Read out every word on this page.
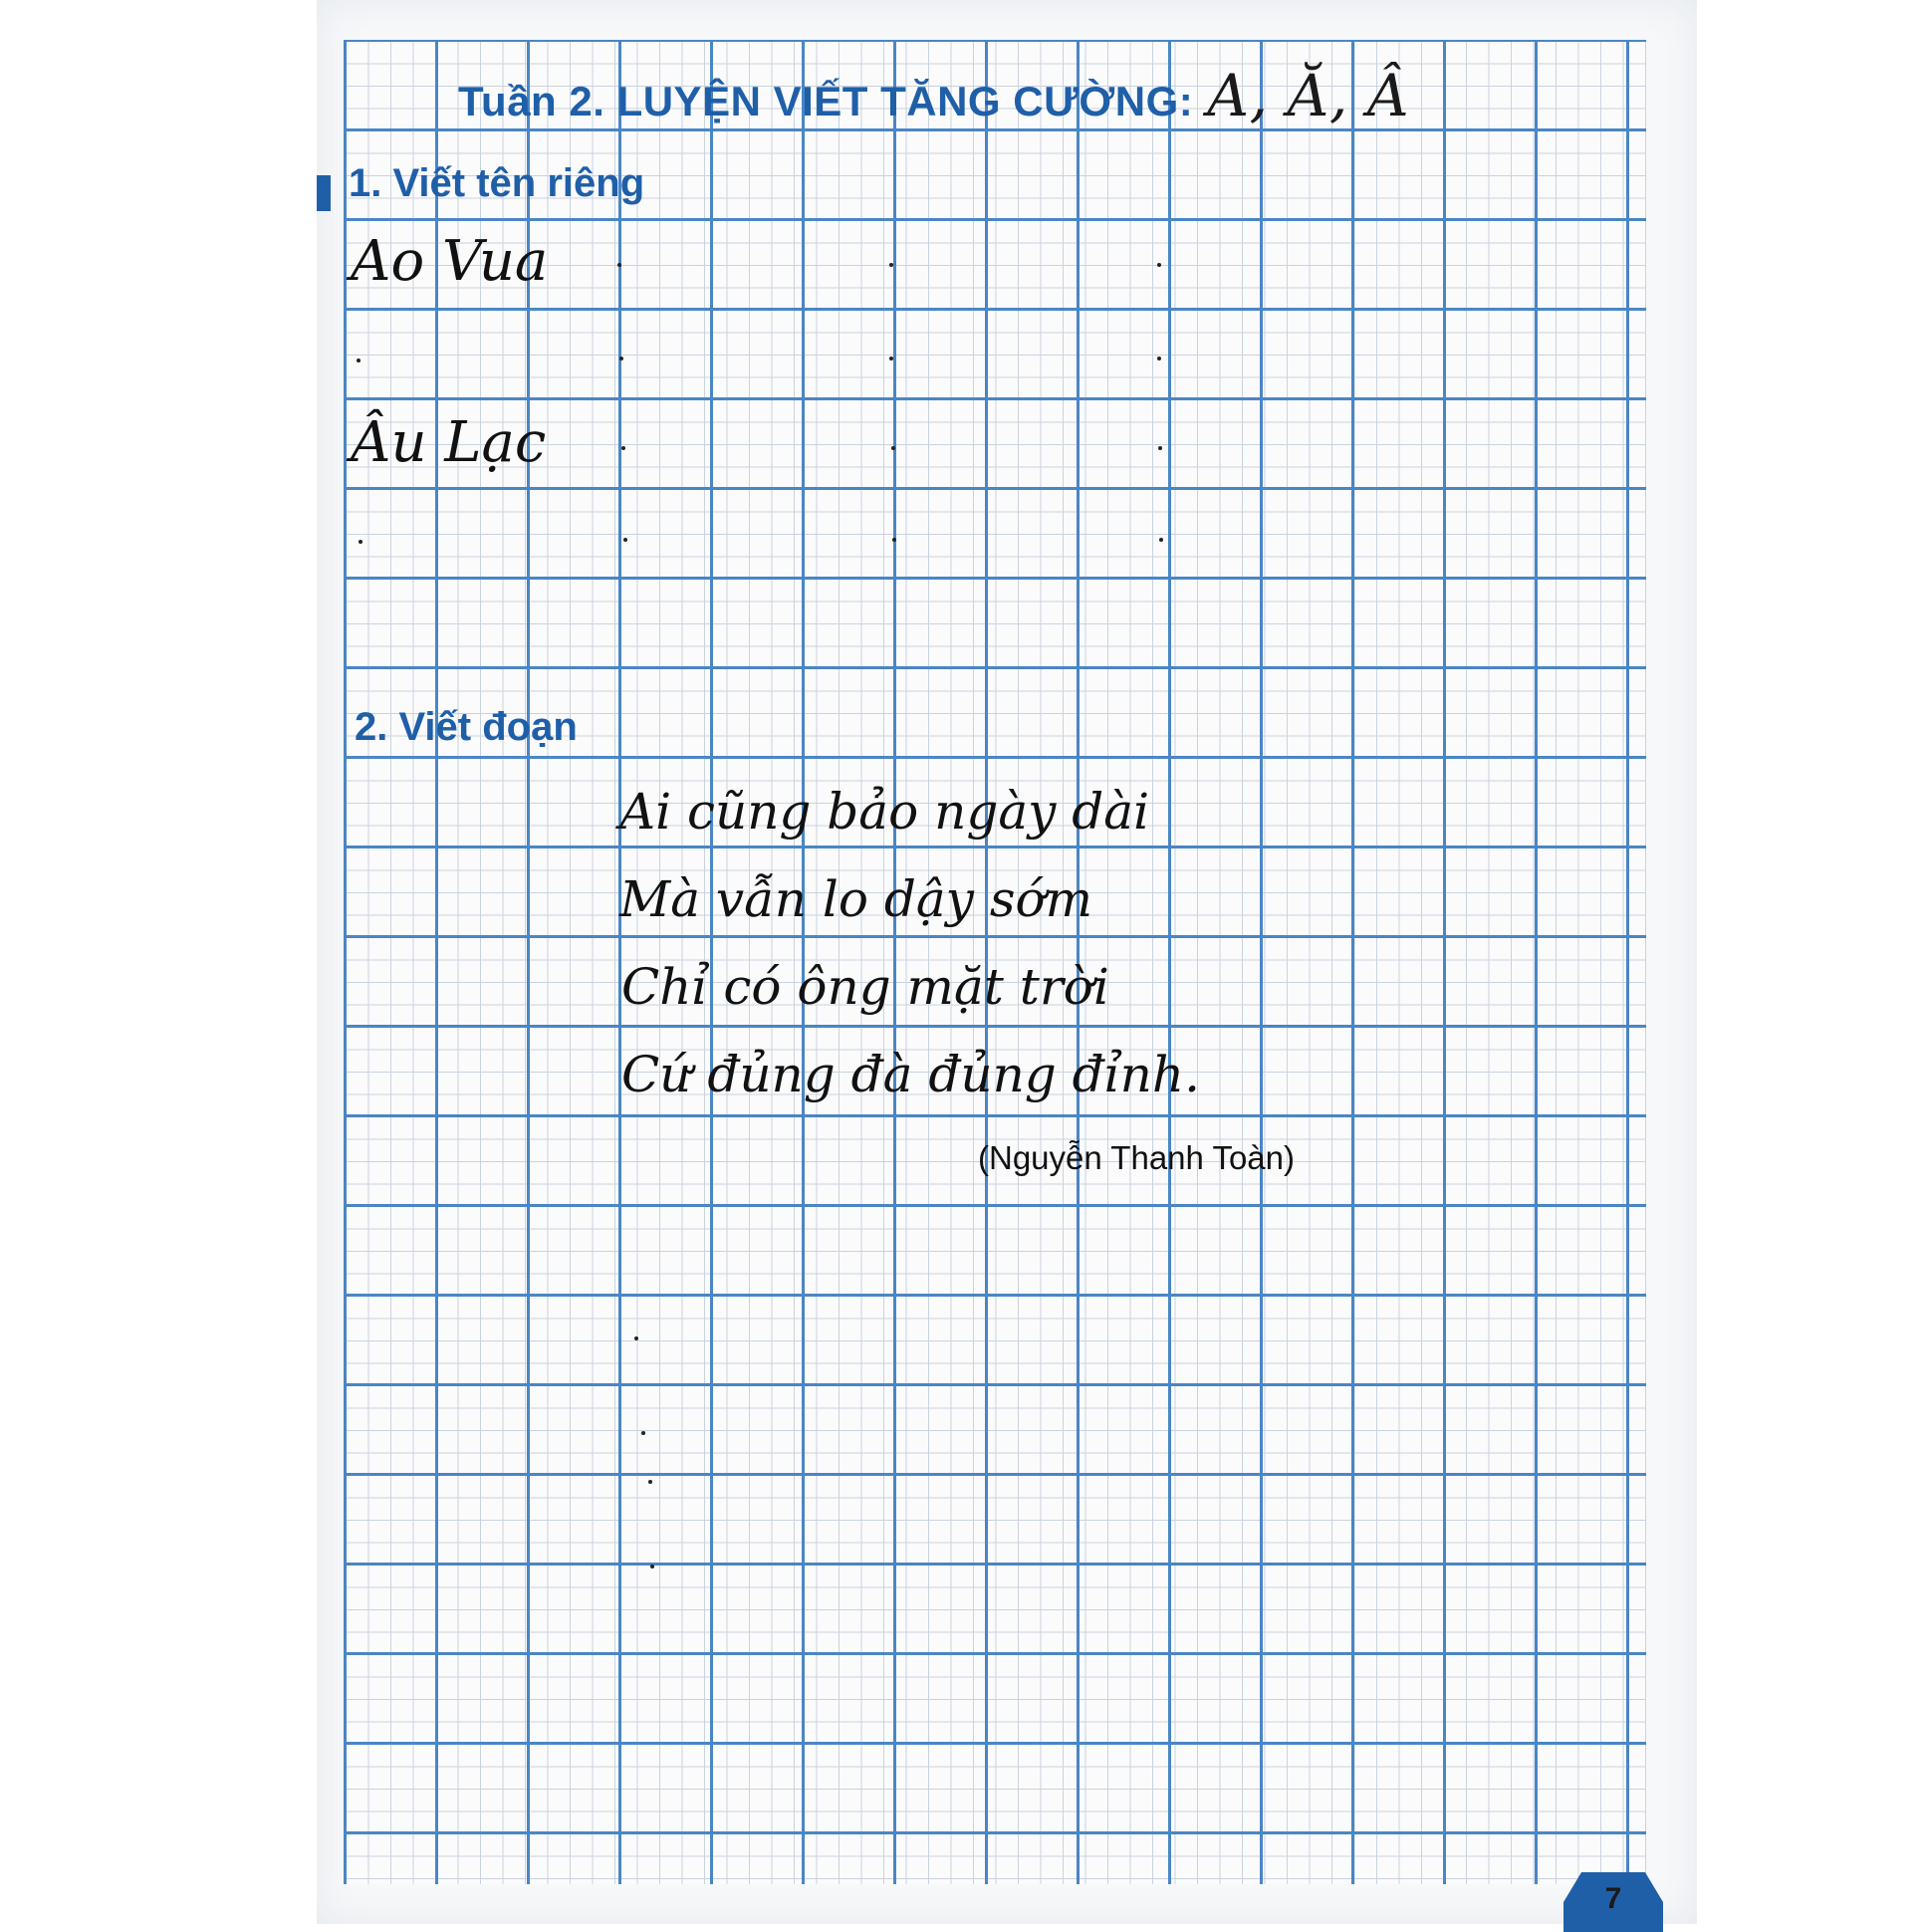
Tuần 2. LUYỆN VIẾT TĂNG CƯỜNG: A, Ă, Â
1. Viết tên riêng
Ao Vua
Âu Lạc
2. Viết đoạn
Ai cũng bảo ngày dài
Mà vẫn lo dậy sớm
Chỉ có ông mặt trời
Cứ đủng đà đủng đỉnh.
(Nguyễn Thanh Toàn)
7
